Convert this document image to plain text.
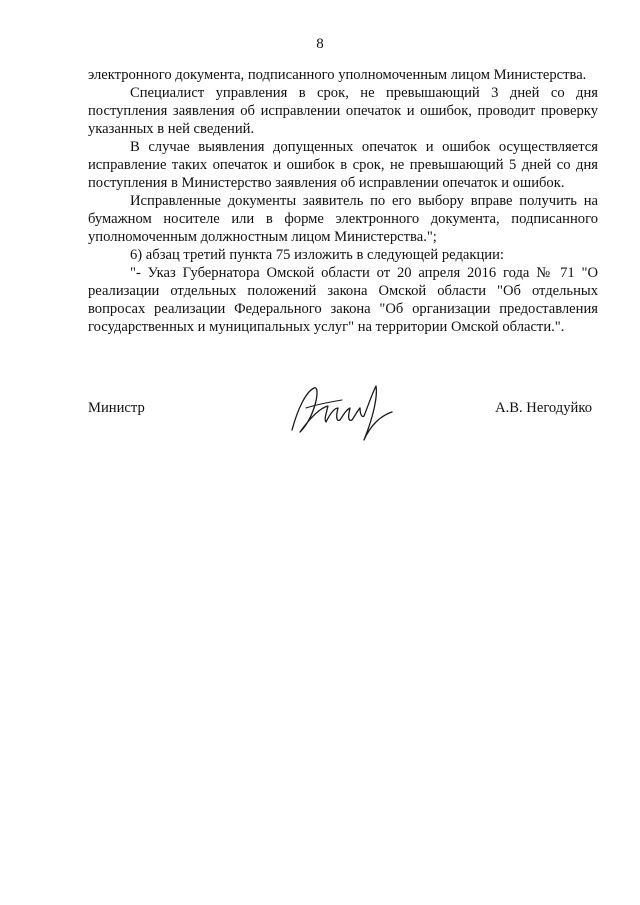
8

электронного документа, подписанного уполномоченным лицом Министерства.

Специалист управления в срок, не превышающий 3 дней со дня поступления заявления об исправлении опечаток и ошибок, проводит проверку указанных в ней сведений.

В случае выявления допущенных опечаток и ошибок осуществляется исправление таких опечаток и ошибок в срок, не превышающий 5 дней со дня поступления в Министерство заявления об исправлении опечаток и ошибок.

Исправленные документы заявитель по его выбору вправе получить на бумажном носителе или в форме электронного документа, подписанного уполномоченным должностным лицом Министерства.";

6) абзац третий пункта 75 изложить в следующей редакции:

"- Указ Губернатора Омской области от 20 апреля 2016 года № 71 "О реализации отдельных положений закона Омской области "Об отдельных вопросах реализации Федерального закона "Об организации предоставления государственных и муниципальных услуг" на территории Омской области.".

Министр	А.В. Негодуйко
